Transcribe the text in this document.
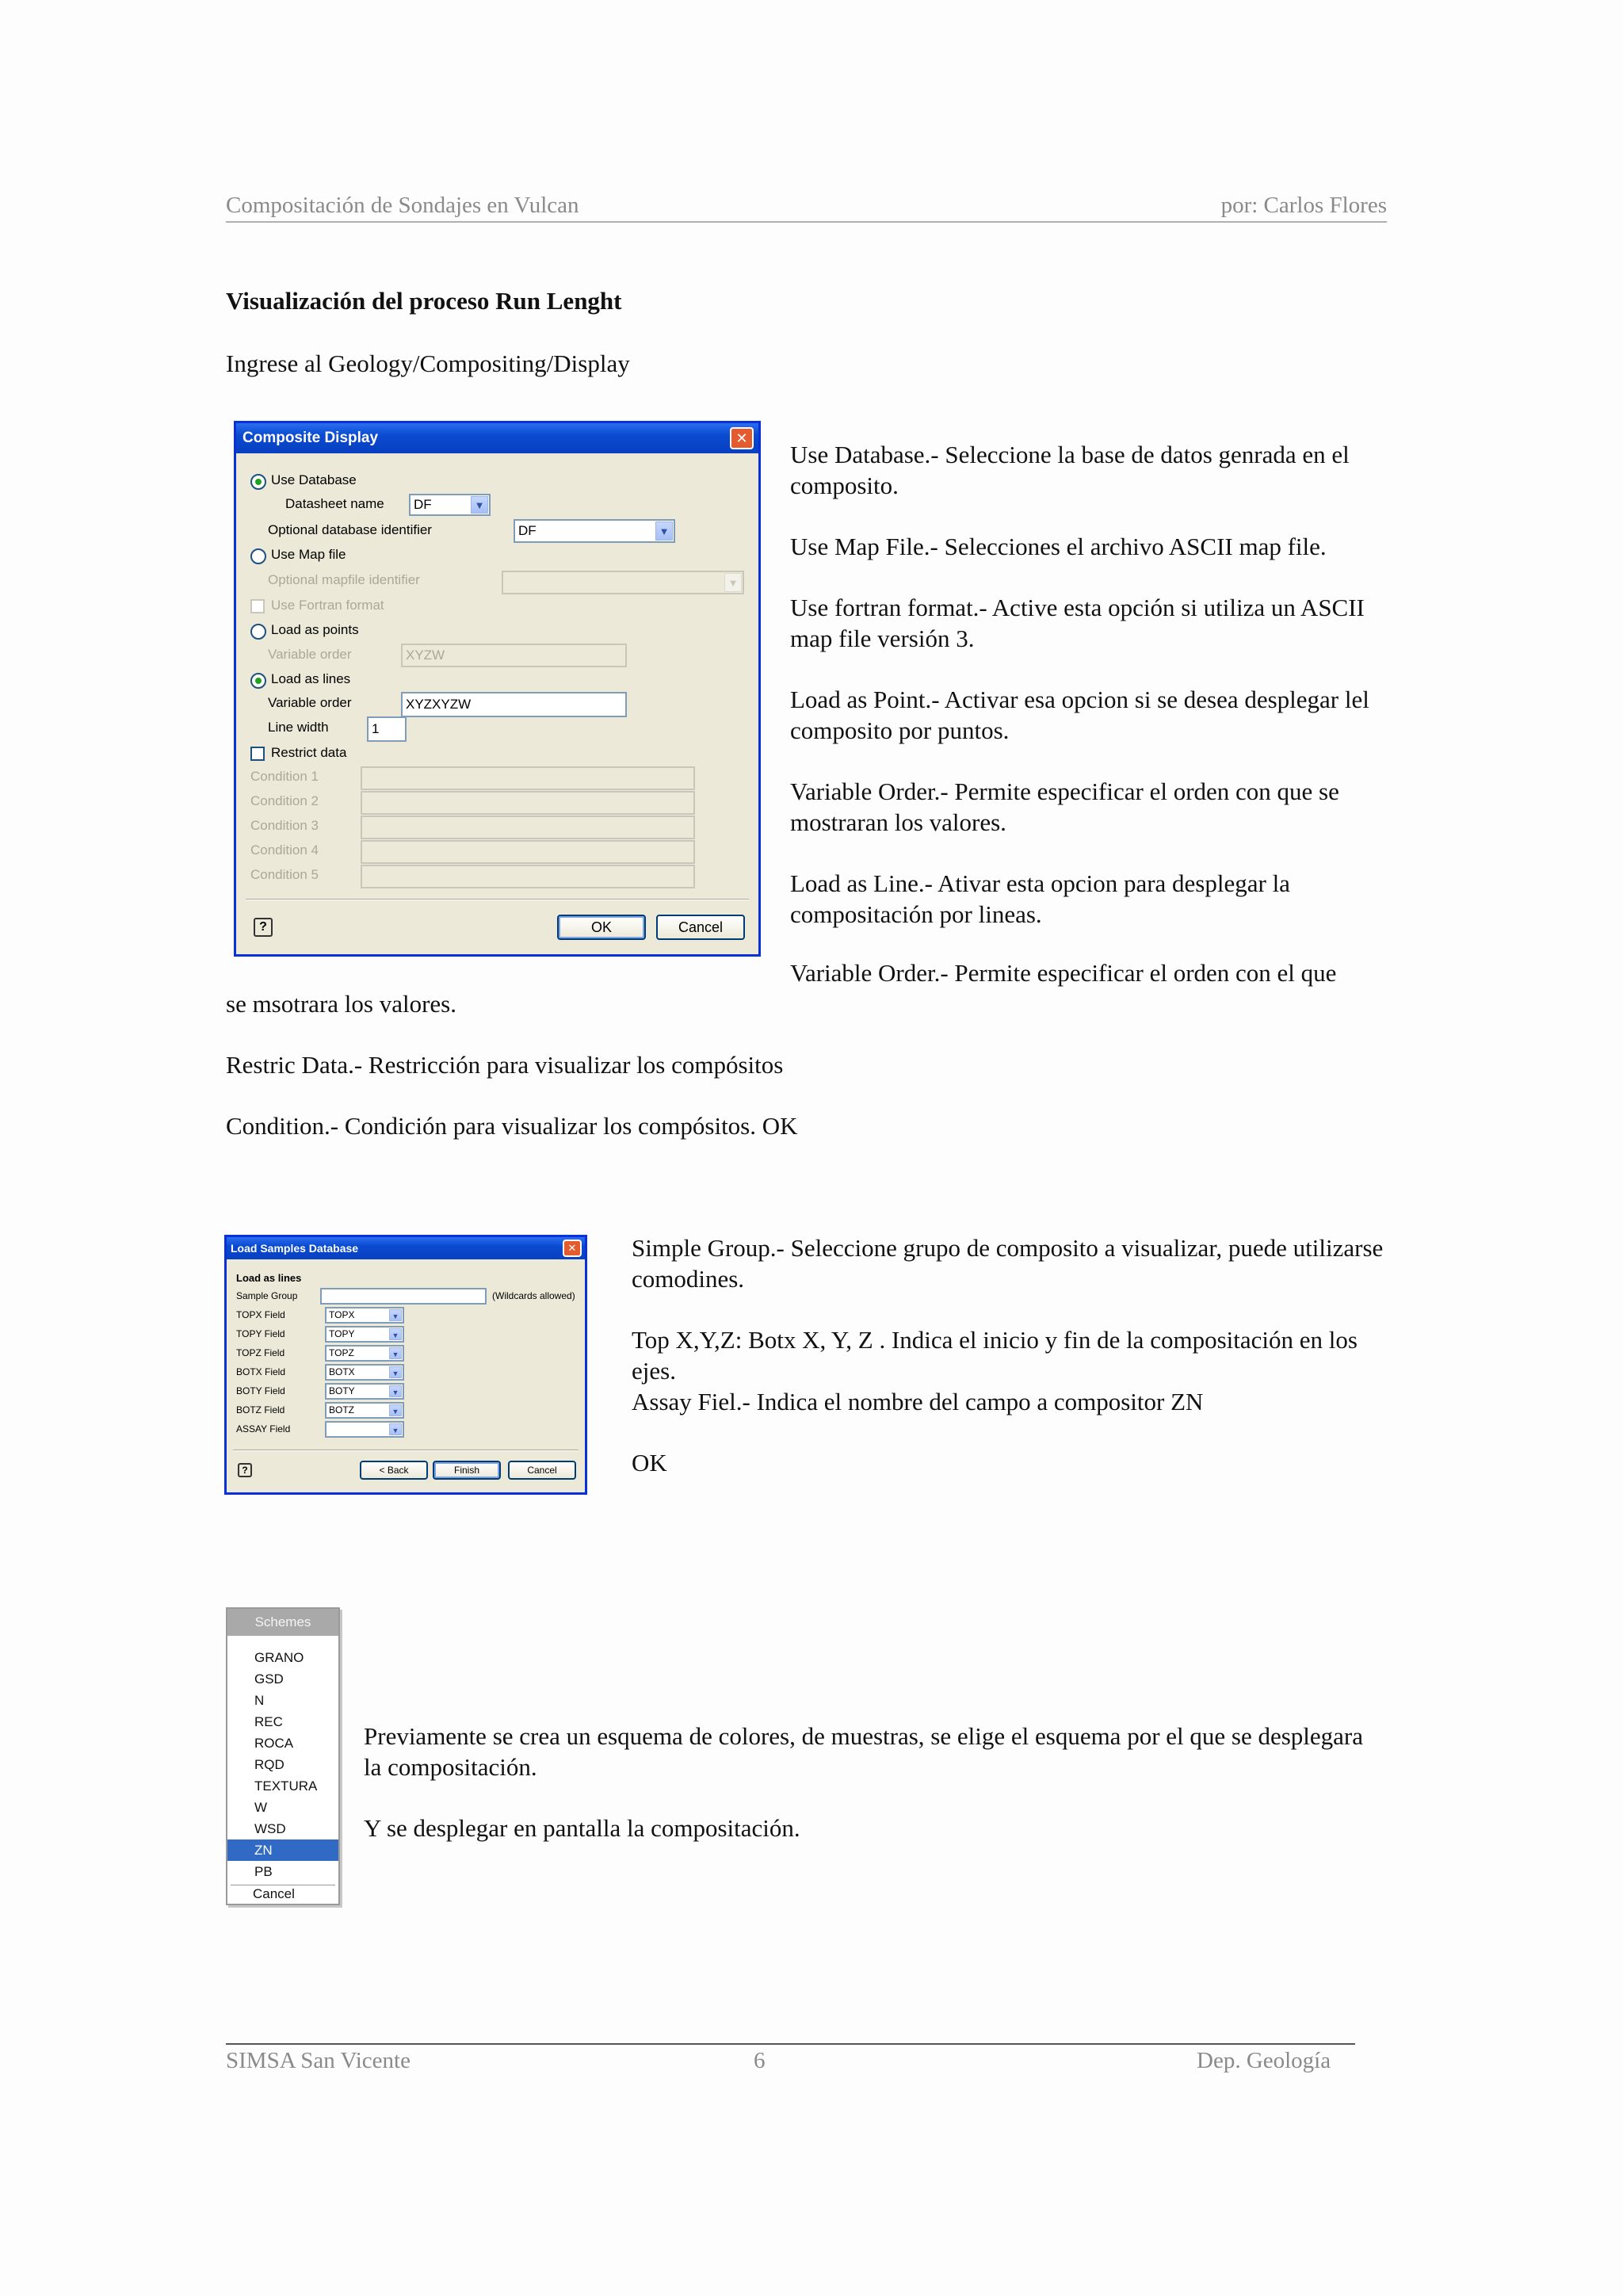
Compositación de Sondajes en Vulcan	por: Carlos Flores
Visualización del proceso Run Lenght
Ingrese al Geology/Compositing/Display
Composite Display	✕
Use Database
Datasheet name	DF	▼
Optional database identifier	DF	▼
Use Map file
Optional mapfile identifier	▼
Use Fortran format
Load as points
Variable order	XYZW
Load as lines
Variable order	XYZXYZW
Line width	1
Restrict data
Condition 1
Condition 2
Condition 3
Condition 4
Condition 5
?	OK	Cancel

Use Database.- Seleccione la base de datos genrada en el composito.

Use Map File.- Selecciones el archivo ASCII map file.

Use fortran format.- Active esta opción si utiliza un ASCII map file versión 3.

Load as Point.- Activar esa opcion si se desea desplegar lel composito por puntos.

Variable Order.- Permite especificar el orden con que se mostraran los valores.

Load as Line.- Ativar esta opcion para desplegar la compositación por lineas.

Variable Order.- Permite especificar el orden con el que
se msotrara los valores.
Restric Data.- Restricción para visualizar los compósitos
Condition.- Condición para visualizar los compósitos. OK
Load Samples Database	✕
Load as lines
Sample Group	(Wildcards allowed)
TOPX Field	TOPX	▼
TOPY Field	TOPY	▼
TOPZ Field	TOPZ	▼
BOTX Field	BOTX	▼
BOTY Field	BOTY	▼
BOTZ Field	BOTZ	▼
ASSAY Field	▼
?	< Back	Finish	Cancel

Simple Group.- Seleccione grupo de composito a visualizar, puede utilizarse comodines.

Top X,Y,Z: Botx X, Y, Z . Indica el inicio y fin de la compositación en los ejes.

Assay Fiel.- Indica el nombre del campo a compositor ZN

OK

Schemes
GRANO
GSD
N
REC
ROCA
RQD
TEXTURA
W
WSD
ZN
PB
Cancel

Previamente se crea un esquema de colores, de muestras, se elige el esquema por el que se desplegara la compositación.

Y se desplegar en pantalla la compositación.

SIMSA San Vicente	6	Dep. Geología
